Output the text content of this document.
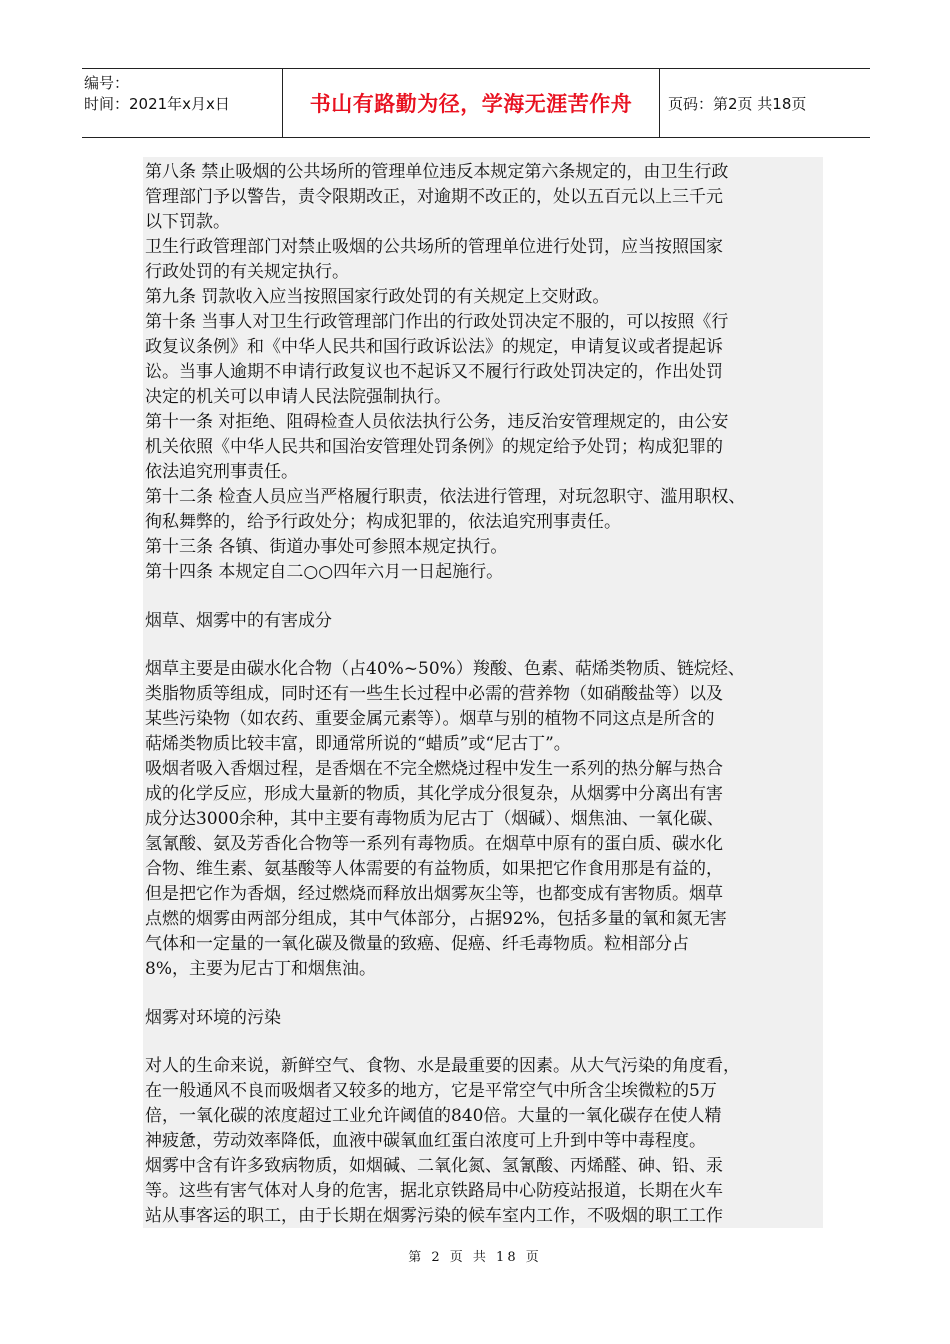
编号：
时间：2021年x月x日	书山有路勤为径，学海无涯苦作舟	页码：第2页 共18页
第八条 禁止吸烟的公共场所的管理单位违反本规定第六条规定的，由卫生行政
管理部门予以警告，责令限期改正，对逾期不改正的，处以五百元以上三千元
以下罚款。
卫生行政管理部门对禁止吸烟的公共场所的管理单位进行处罚，应当按照国家
行政处罚的有关规定执行。
第九条 罚款收入应当按照国家行政处罚的有关规定上交财政。
第十条 当事人对卫生行政管理部门作出的行政处罚决定不服的，可以按照《行
政复议条例》和《中华人民共和国行政诉讼法》的规定，申请复议或者提起诉
讼。当事人逾期不申请行政复议也不起诉又不履行行政处罚决定的，作出处罚
决定的机关可以申请人民法院强制执行。
第十一条 对拒绝、阻碍检查人员依法执行公务，违反治安管理规定的，由公安
机关依照《中华人民共和国治安管理处罚条例》的规定给予处罚；构成犯罪的
依法追究刑事责任。
第十二条 检查人员应当严格履行职责，依法进行管理，对玩忽职守、滥用职权、
徇私舞弊的，给予行政处分；构成犯罪的，依法追究刑事责任。
第十三条 各镇、街道办事处可参照本规定执行。
第十四条 本规定自二○○四年六月一日起施行。
烟草、烟雾中的有害成分
烟草主要是由碳水化合物（占40%~50%）羧酸、色素、萜烯类物质、链烷烃、
类脂物质等组成，同时还有一些生长过程中必需的营养物（如硝酸盐等）以及
某些污染物（如农药、重要金属元素等）。烟草与别的植物不同这点是所含的
萜烯类物质比较丰富，即通常所说的“蜡质”或“尼古丁”。
吸烟者吸入香烟过程，是香烟在不完全燃烧过程中发生一系列的热分解与热合
成的化学反应，形成大量新的物质，其化学成分很复杂，从烟雾中分离出有害
成分达3000余种，其中主要有毒物质为尼古丁（烟碱）、烟焦油、一氧化碳、
氢氰酸、氨及芳香化合物等一系列有毒物质。在烟草中原有的蛋白质、碳水化
合物、维生素、氨基酸等人体需要的有益物质，如果把它作食用那是有益的，
但是把它作为香烟，经过燃烧而释放出烟雾灰尘等，也都变成有害物质。烟草
点燃的烟雾由两部分组成，其中气体部分，占据92%，包括多量的氧和氮无害
气体和一定量的一氧化碳及微量的致癌、促癌、纤毛毒物质。粒相部分占
8%，主要为尼古丁和烟焦油。
烟雾对环境的污染
对人的生命来说，新鲜空气、食物、水是最重要的因素。从大气污染的角度看，
在一般通风不良而吸烟者又较多的地方，它是平常空气中所含尘埃微粒的5万
倍，一氧化碳的浓度超过工业允许阈值的840倍。大量的一氧化碳存在使人精
神疲惫，劳动效率降低，血液中碳氧血红蛋白浓度可上升到中等中毒程度。
烟雾中含有许多致病物质，如烟碱、二氧化氮、氢氰酸、丙烯醛、砷、铅、汞
等。这些有害气体对人身的危害，据北京铁路局中心防疫站报道，长期在火车
站从事客运的职工，由于长期在烟雾污染的候车室内工作，不吸烟的职工工作
第 2 页 共 18 页
